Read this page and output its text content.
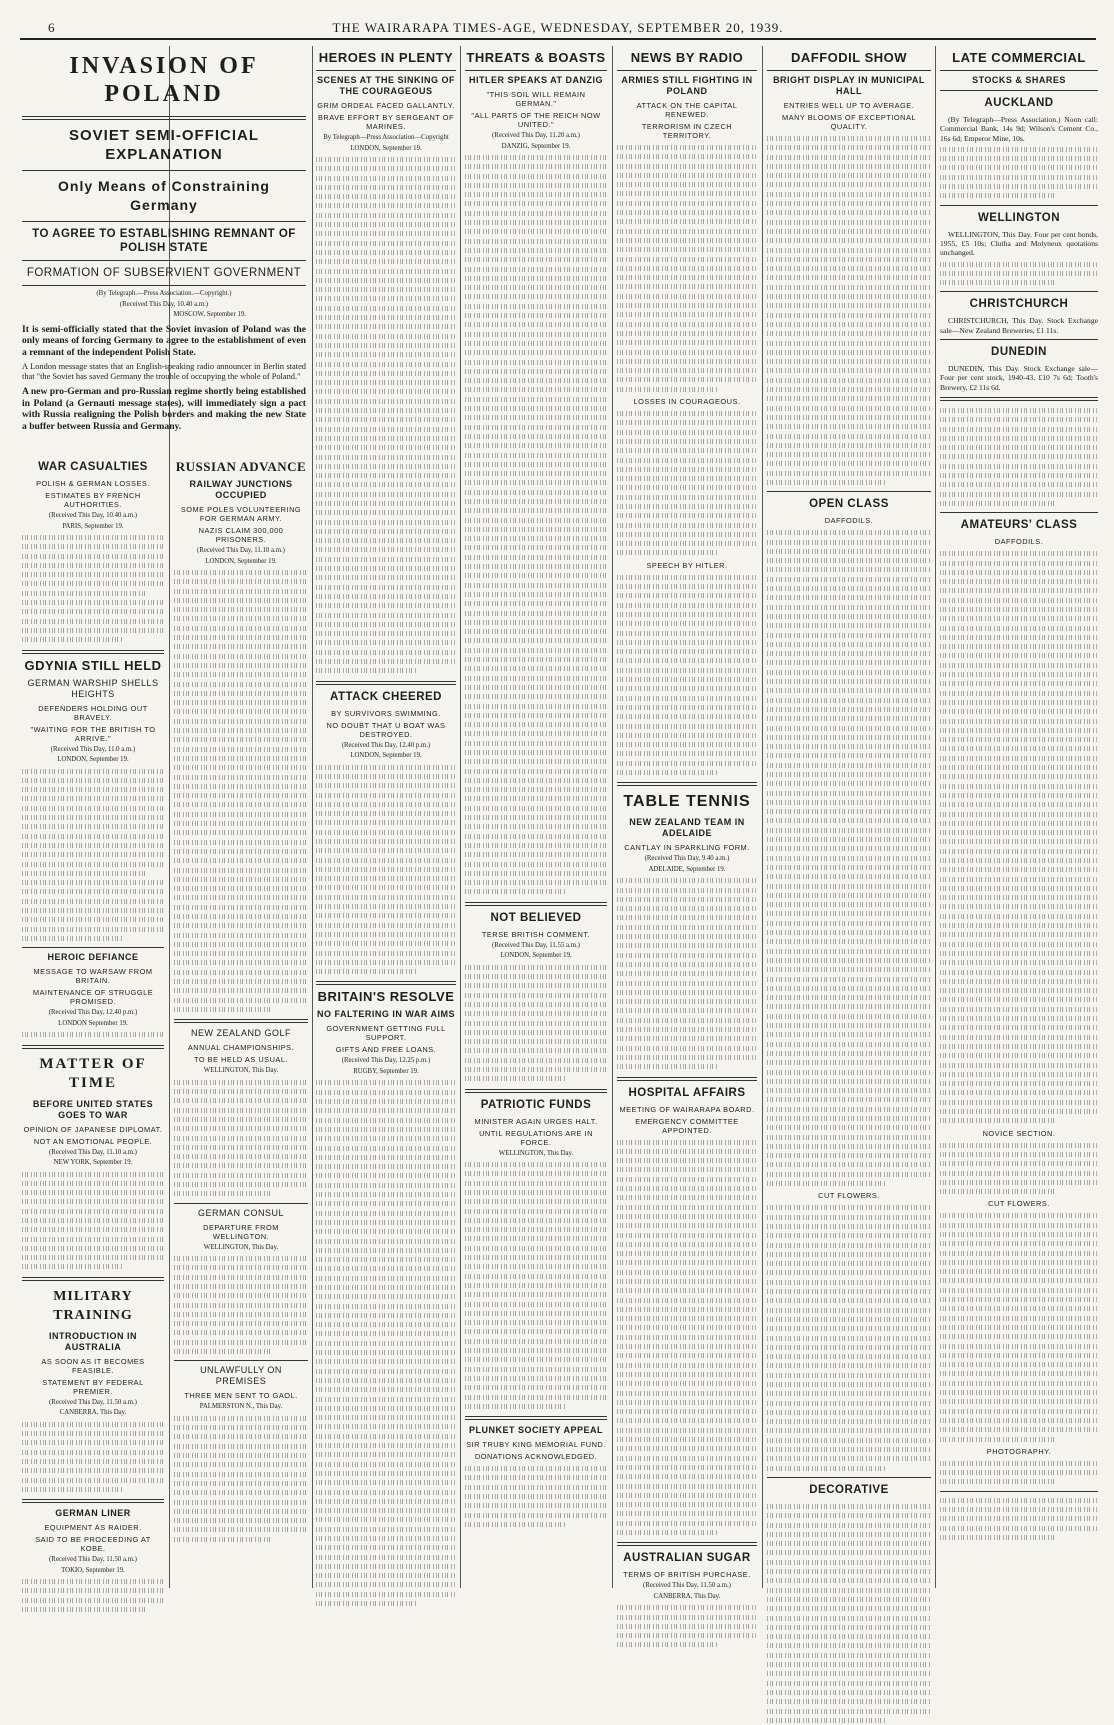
6	THE WAIRARAPA TIMES-AGE, WEDNESDAY, SEPTEMBER 20, 1939.
INVASION OF POLAND
SOVIET SEMI-OFFICIAL EXPLANATION
Only Means of Constraining Germany
TO AGREE TO ESTABLISHING REMNANT OF POLISH STATE
FORMATION OF SUBSERVIENT GOVERNMENT
(By Telegraph.—Press Association.—Copyright.)
(Received This Day, 10.40 a.m.)
MOSCOW, September 19.
It is semi-officially stated that the Soviet invasion of Poland was the only means of forcing Germany to agree to the establishment of even a remnant of the independent Polish State.
A London message states that an English-speaking radio announcer in Berlin stated that "the Soviet has saved Germany the trouble of occupying the whole of Poland."
A new pro-German and pro-Russian regime shortly being established in Poland (a Gernauti message states), will immediately sign a pact with Russia realigning the Polish borders and making the new State a buffer between Russia and Germany.
WAR CASUALTIES
POLISH & GERMAN LOSSES.
ESTIMATES BY FRENCH AUTHORITIES.
(Received This Day, 10.40 a.m.)
PARIS, September 19.
GDYNIA STILL HELD
GERMAN WARSHIP SHELLS HEIGHTS
DEFENDERS HOLDING OUT BRAVELY.
"WAITING FOR THE BRITISH TO ARRIVE."
(Received This Day, 11.0 a.m.)
LONDON, September 19.
HEROIC DEFIANCE
MESSAGE TO WARSAW FROM BRITAIN.
MAINTENANCE OF STRUGGLE PROMISED.
(Received This Day, 12.40 p.m.)
LONDON September 19.
MATTER OF TIME
BEFORE UNITED STATES GOES TO WAR
OPINION OF JAPANESE DIPLOMAT.
NOT AN EMOTIONAL PEOPLE.
(Received This Day, 11.10 a.m.)
NEW YORK, September 19.
MILITARY TRAINING
INTRODUCTION IN AUSTRALIA
AS SOON AS IT BECOMES FEASIBLE.
STATEMENT BY FEDERAL PREMIER.
(Received This Day, 11.50 a.m.)
CANBERRA, This Day.
GERMAN LINER
EQUIPMENT AS RAIDER.
SAID TO BE PROCEEDING AT KOBE.
(Received This Day, 11.50 a.m.)
TOKIO, September 19.
RUSSIAN ADVANCE
RAILWAY JUNCTIONS OCCUPIED
SOME POLES VOLUNTEERING FOR GERMAN ARMY.
NAZIS CLAIM 300,000 PRISONERS.
(Received This Day, 11.10 a.m.)
LONDON, September 19.
NEW ZEALAND GOLF
ANNUAL CHAMPIONSHIPS.
TO BE HELD AS USUAL.
WELLINGTON, This Day.
GERMAN CONSUL
DEPARTURE FROM WELLINGTON.
WELLINGTON, This Day.
UNLAWFULLY ON PREMISES
THREE MEN SENT TO GAOL.
PALMERSTON N., This Day.
HEROES IN PLENTY
SCENES AT THE SINKING OF THE COURAGEOUS
GRIM ORDEAL FACED GALLANTLY.
BRAVE EFFORT BY SERGEANT OF MARINES.
By Telegraph—Press Association—Copyright
LONDON, September 19.
ATTACK CHEERED
BY SURVIVORS SWIMMING.
NO DOUBT THAT U BOAT WAS DESTROYED.
(Received This Day, 12.40 p.m.)
LONDON, September 19.
BRITAIN'S RESOLVE
NO FALTERING IN WAR AIMS
GOVERNMENT GETTING FULL SUPPORT.
GIFTS AND FREE LOANS.
(Received This Day, 12.25 p.m.)
RUGBY, September 19.
THREATS & BOASTS
HITLER SPEAKS AT DANZIG
"THIS SOIL WILL REMAIN GERMAN."
"ALL PARTS OF THE REICH NOW UNITED."
(Received This Day, 11.20 a.m.)
DANZIG, September 19.
NOT BELIEVED
TERSE BRITISH COMMENT.
(Received This Day, 11.55 a.m.)
LONDON, September 19.
PATRIOTIC FUNDS
MINISTER AGAIN URGES HALT.
UNTIL REGULATIONS ARE IN FORCE.
WELLINGTON, This Day.
PLUNKET SOCIETY APPEAL
SIR TRUBY KING MEMORIAL FUND.
DONATIONS ACKNOWLEDGED.
NEWS BY RADIO
ARMIES STILL FIGHTING IN POLAND
ATTACK ON THE CAPITAL RENEWED.
TERRORISM IN CZECH TERRITORY.
LOSSES IN COURAGEOUS.
SPEECH BY HITLER.
TABLE TENNIS
NEW ZEALAND TEAM IN ADELAIDE
CANTLAY IN SPARKLING FORM.
(Received This Day, 9.40 a.m.)
ADELAIDE, September 19.
HOSPITAL AFFAIRS
MEETING OF WAIRARAPA BOARD.
EMERGENCY COMMITTEE APPOINTED.
AUSTRALIAN SUGAR
TERMS OF BRITISH PURCHASE.
(Received This Day, 11.50 a.m.)
CANBERRA, This Day.
DAFFODIL SHOW
BRIGHT DISPLAY IN MUNICIPAL HALL
ENTRIES WELL UP TO AVERAGE.
MANY BLOOMS OF EXCEPTIONAL QUALITY.
OPEN CLASS
DAFFODILS.
CUT FLOWERS.
DECORATIVE
LATE COMMERCIAL
STOCKS & SHARES
AUCKLAND

(By Telegraph—Press Association.) Noon call: Commercial Bank, 14s 9d; Wilson's Cement Co., 16s 6d; Emperor Mine, 10s.

WELLINGTON

WELLINGTON, This Day. Four per cent bonds, 1955, £5 10s; Clutha and Molyneux quotations unchanged.

CHRISTCHURCH

CHRISTCHURCH, This Day. Stock Exchange sale—New Zealand Breweries, £1 11s.

DUNEDIN

DUNEDIN, This Day. Stock Exchange sale—Four per cent stock, 1940-43, £10 7s 6d; Tooth's Brewery, £2 11s 6d.

AMATEURS' CLASS
DAFFODILS.
NOVICE SECTION.
CUT FLOWERS.
PHOTOGRAPHY.
